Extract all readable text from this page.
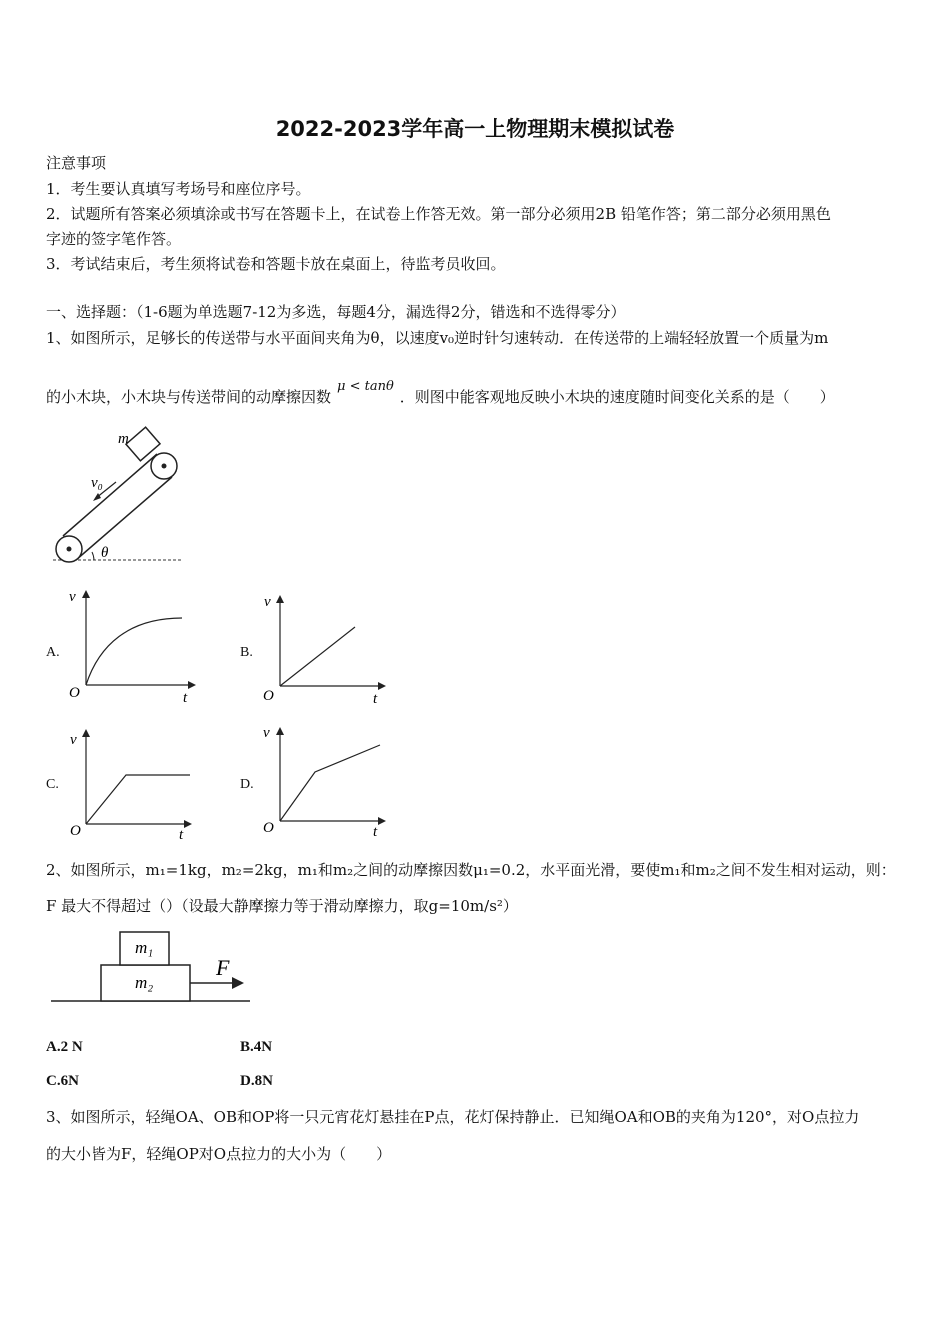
2022-2023学年高一上物理期末模拟试卷
注意事项
1．考生要认真填写考场号和座位序号。
2．试题所有答案必须填涂或书写在答题卡上，在试卷上作答无效。第一部分必须用2B 铅笔作答；第二部分必须用黑色
字迹的签字笔作答。
3．考试结束后，考生须将试卷和答题卡放在桌面上，待监考员收回。
一、选择题：（1-6题为单选题7-12为多选，每题4分，漏选得2分，错选和不选得零分）
1、如图所示，足够长的传送带与水平面间夹角为θ，以速度v₀逆时针匀速转动．在传送带的上端轻轻放置一个质量为m
的小木块，小木块与传送带间的动摩擦因数μ < tanθ．则图中能客观地反映小木块的速度随时间变化关系的是（　　）
m
v₀
θ
A.
v
t
O
B.
v
t
O
C.
v
t
O
D.
v
t
O
2、如图所示，m₁=1kg，m₂=2kg，m₁和m₂之间的动摩擦因数μ₁=0.2，水平面光滑，要使m₁和m₂之间不发生相对运动，则：
F 最大不得超过（）（设最大静摩擦力等于滑动摩擦力，取g=10m/s²）
m₁
m₂
F
A.2 N	B.4N
C.6N	D.8N
3、如图所示，轻绳OA、OB和OP将一只元宵花灯悬挂在P点，花灯保持静止．已知绳OA和OB的夹角为120°，对O点拉力
的大小皆为F，轻绳OP对O点拉力的大小为（　　）
